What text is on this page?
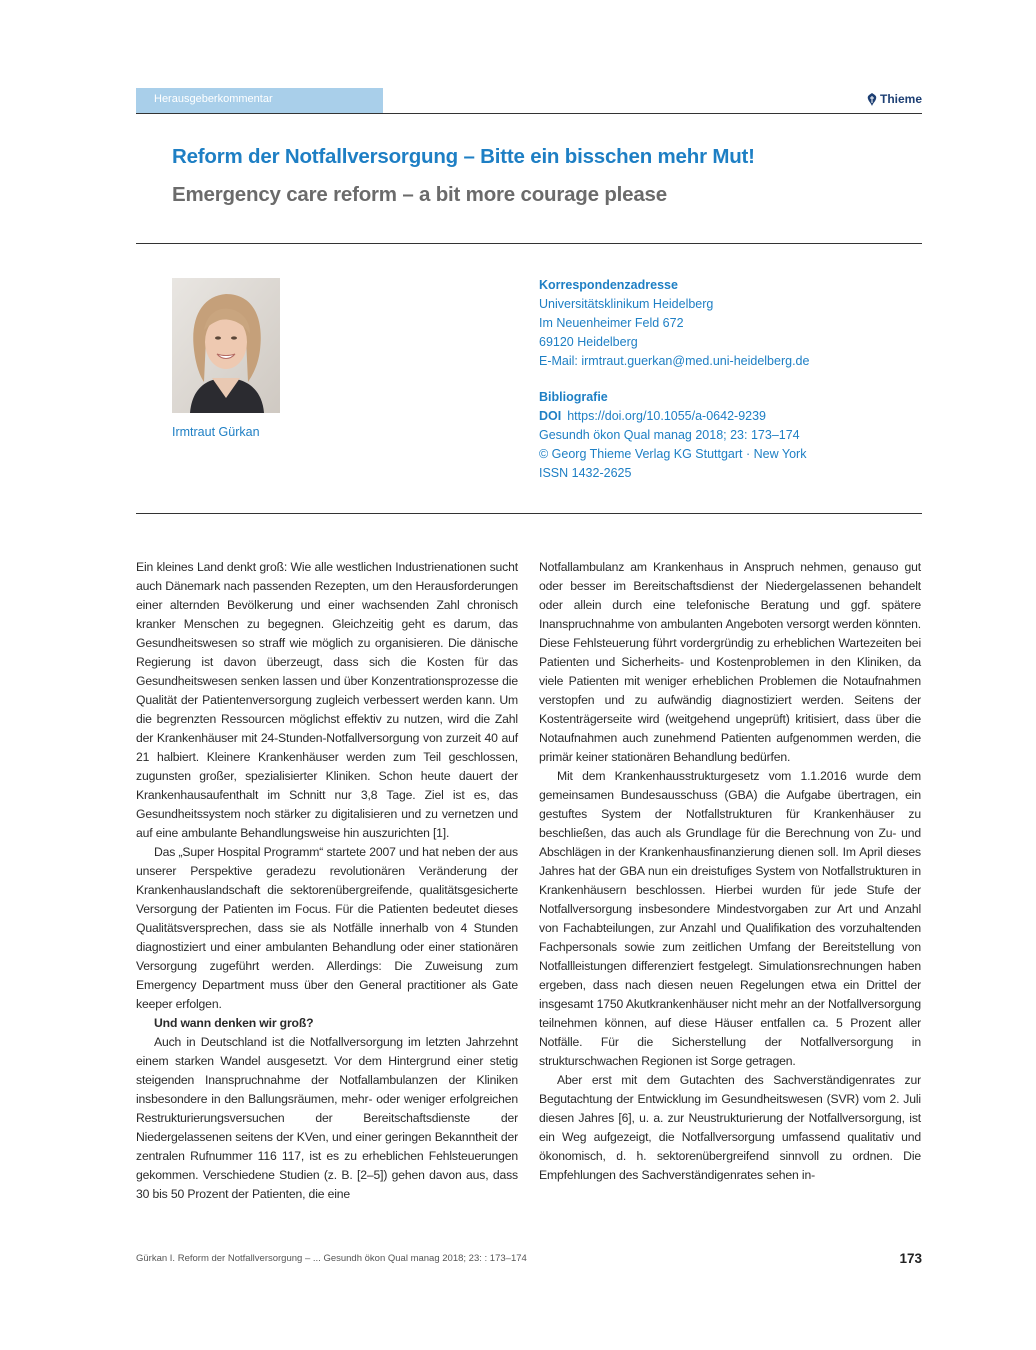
Herausgeberkommentar	Thieme
Reform der Notfallversorgung – Bitte ein bisschen mehr Mut!
Emergency care reform – a bit more courage please
Irmtraut Gürkan
Korrespondenzadresse
Universitätsklinikum Heidelberg
Im Neuenheimer Feld 672
69120 Heidelberg
E-Mail: irmtraut.guerkan@med.uni-heidelberg.de
Bibliografie
DOI https://doi.org/10.1055/a-0642-9239
Gesundh ökon Qual manag 2018; 23: 173–174
© Georg Thieme Verlag KG Stuttgart · New York
ISSN 1432-2625

Ein kleines Land denkt groß: Wie alle westlichen Industrienationen sucht auch Dänemark nach passenden Rezepten, um den Herausforderungen einer alternden Bevölkerung und einer wachsenden Zahl chronisch kranker Menschen zu begegnen. Gleichzeitig geht es darum, das Gesundheitswesen so straff wie möglich zu organisieren. Die dänische Regierung ist davon überzeugt, dass sich die Kosten für das Gesundheitswesen senken lassen und über Konzentrationsprozesse die Qualität der Patientenversorgung zugleich verbessert werden kann. Um die begrenzten Ressourcen möglichst effektiv zu nutzen, wird die Zahl der Krankenhäuser mit 24-Stunden-Notfallversorgung von zurzeit 40 auf 21 halbiert. Kleinere Krankenhäuser werden zum Teil geschlossen, zugunsten großer, spezialisierter Kliniken. Schon heute dauert der Krankenhausaufenthalt im Schnitt nur 3,8 Tage. Ziel ist es, das Gesundheitssystem noch stärker zu digitalisieren und zu vernetzen und auf eine ambulante Behandlungsweise hin auszurichten [1].

Das „Super Hospital Programm“ startete 2007 und hat neben der aus unserer Perspektive geradezu revolutionären Veränderung der Krankenhauslandschaft die sektorenübergreifende, qualitätsgesicherte Versorgung der Patienten im Focus. Für die Patienten bedeutet dieses Qualitätsversprechen, dass sie als Notfälle innerhalb von 4 Stunden diagnostiziert und einer ambulanten Behandlung oder einer stationären Versorgung zugeführt werden. Allerdings: Die Zuweisung zum Emergency Department muss über den General practitioner als Gate keeper erfolgen.

Und wann denken wir groß?

Auch in Deutschland ist die Notfallversorgung im letzten Jahrzehnt einem starken Wandel ausgesetzt. Vor dem Hintergrund einer stetig steigenden Inanspruchnahme der Notfallambulanzen der Kliniken insbesondere in den Ballungsräumen, mehr- oder weniger erfolgreichen Restrukturierungsversuchen der Bereitschaftsdienste der Niedergelassenen seitens der KVen, und einer geringen Bekanntheit der zentralen Rufnummer 116 117, ist es zu erheblichen Fehlsteuerungen gekommen. Verschiedene Studien (z. B. [2–5]) gehen davon aus, dass 30 bis 50 Prozent der Patienten, die eine

Notfallambulanz am Krankenhaus in Anspruch nehmen, genauso gut oder besser im Bereitschaftsdienst der Niedergelassenen behandelt oder allein durch eine telefonische Beratung und ggf. spätere Inanspruchnahme von ambulanten Angeboten versorgt werden könnten. Diese Fehlsteuerung führt vordergründig zu erheblichen Wartezeiten bei Patienten und Sicherheits- und Kostenproblemen in den Kliniken, da viele Patienten mit weniger erheblichen Problemen die Notaufnahmen verstopfen und zu aufwändig diagnostiziert werden. Seitens der Kostenträgerseite wird (weitgehend ungeprüft) kritisiert, dass über die Notaufnahmen auch zunehmend Patienten aufgenommen werden, die primär keiner stationären Behandlung bedürfen.

Mit dem Krankenhausstrukturgesetz vom 1.1.2016 wurde dem gemeinsamen Bundesausschuss (GBA) die Aufgabe übertragen, ein gestuftes System der Notfallstrukturen für Krankenhäuser zu beschließen, das auch als Grundlage für die Berechnung von Zu- und Abschlägen in der Krankenhausfinanzierung dienen soll. Im April dieses Jahres hat der GBA nun ein dreistufiges System von Notfallstrukturen in Krankenhäusern beschlossen. Hierbei wurden für jede Stufe der Notfallversorgung insbesondere Mindestvorgaben zur Art und Anzahl von Fachabteilungen, zur Anzahl und Qualifikation des vorzuhaltenden Fachpersonals sowie zum zeitlichen Umfang der Bereitstellung von Notfallleistungen differenziert festgelegt. Simulationsrechnungen haben ergeben, dass nach diesen neuen Regelungen etwa ein Drittel der insgesamt 1750 Akutkrankenhäuser nicht mehr an der Notfallversorgung teilnehmen können, auf diese Häuser entfallen ca. 5 Prozent aller Notfälle. Für die Sicherstellung der Notfallversorgung in strukturschwachen Regionen ist Sorge getragen.

Aber erst mit dem Gutachten des Sachverständigenrates zur Begutachtung der Entwicklung im Gesundheitswesen (SVR) vom 2. Juli diesen Jahres [6], u. a. zur Neustrukturierung der Notfallversorgung, ist ein Weg aufgezeigt, die Notfallversorgung umfassend qualitativ und ökonomisch, d. h. sektorenübergreifend sinnvoll zu ordnen. Die Empfehlungen des Sachverständigenrates sehen in-

Gürkan I. Reform der Notfallversorgung – ... Gesundh ökon Qual manag 2018; 23: : 173–174	173
